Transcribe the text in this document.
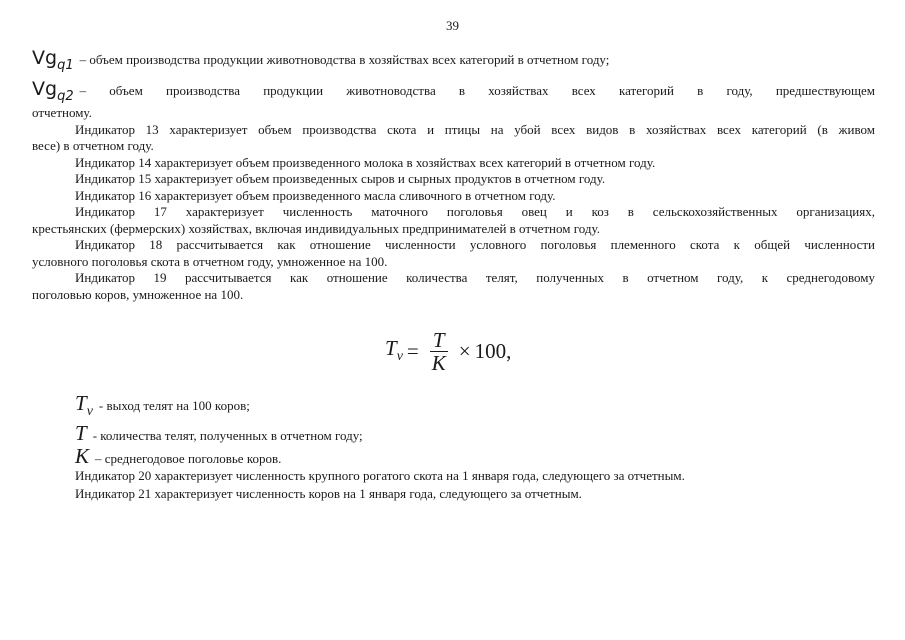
39
$Vg_{q1}$ – объем производства продукции животноводства в хозяйствах всех категорий в отчетном году;
$Vg_{q2}$ – объем производства продукции животноводства в хозяйствах всех категорий в году, предшествующем

отчетному.

Индикатор 13 характеризует объем производства скота и птицы на убой всех видов в хозяйствах всех категорий (в живом

весе) в отчетном году.

Индикатор 14 характеризует объем произведенного молока в хозяйствах всех категорий в отчетном году.

Индикатор 15 характеризует объем произведенных сыров и сырных продуктов в отчетном году.

Индикатор 16 характеризует объем произведенного масла сливочного в отчетном году.

Индикатор 17 характеризует численность маточного поголовья овец и коз в сельскохозяйственных организациях,

крестьянских (фермерских) хозяйствах, включая индивидуальных предпринимателей в отчетном году.

Индикатор 18 рассчитывается как отношение численности условного поголовья племенного скота к общей численности

условного поголовья скота в отчетном году, умноженное на 100.

Индикатор 19 рассчитывается как отношение количества телят, полученных в отчетном году, к среднегодовому

поголовью коров, умноженное на 100.

$T_v = \frac{T}{K} \times 100$ ,
$T_v$ - выход телят на 100 коров;
T - количества телят, полученных в отчетном году;
K – среднегодовое поголовье коров.

Индикатор 20 характеризует численность крупного рогатого скота на 1 января года, следующего за отчетным.

Индикатор 21 характеризует численность коров на 1 января года, следующего за отчетным.
